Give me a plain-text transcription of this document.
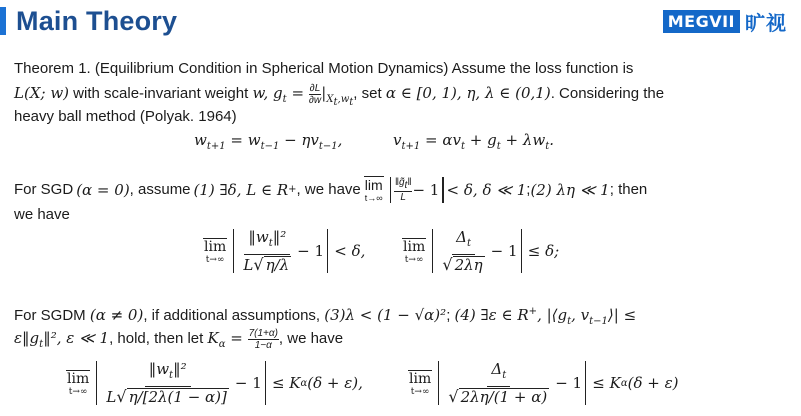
Main Theory	MEGVII 旷视
Theorem 1. (Equilibrium Condition in Spherical Motion Dynamics) Assume the loss function is
L(X; w) with scale-invariant weight w, $g_t = \frac{\partial L}{\partial w} |_{X_t,w_t}$, set α ∈ [0, 1), η, λ ∈ (0,1). Considering the
heavy ball method (Polyak. 1964)
$w_{t+1} = w_{t-1} - \eta v_{t-1}$,	$v_{t+1} = \alpha v_t + g_t + \lambda w_t$.
For SGD (α = 0) , assume (1) ∃δ, L ∈ R + , we have lim
$t\to\infty \frac{‖g̃_t‖}{L} - 1 < \delta$, δ ≪ 1 ; (2) λη ≪ 1 ; then
we have
lim
$t\to\infty \frac{‖w_t‖^2}{L √ \eta/\lambda} - 1 < \delta$,	lim
$t\to\infty \frac{\Delta_t}{√ 2\lambda\eta} - 1 \le \delta$;
For SGDM (α ≠ 0), if additional assumptions, (3)λ < (1 − √α)²; (4) ∃ε ∈ R+, $|⟨g_t$, $v_{t-1}⟩|$ ≤
$\varepsilon‖g_t‖^2$, ε ≪ 1, hold, then let $K_\alpha = \frac{7(1+\alpha)}{1-\alpha}$ , we have
lim
$t\to\infty \frac{‖w_t‖^2}{L √ \eta/[2\lambda(1 - \alpha)]} - 1 \le K$ α (δ + ε),	lim
$t\to\infty \frac{\Delta_t}{√ 2\lambda\eta/(1 + \alpha)} - 1 \le K$ α (δ + ε)
